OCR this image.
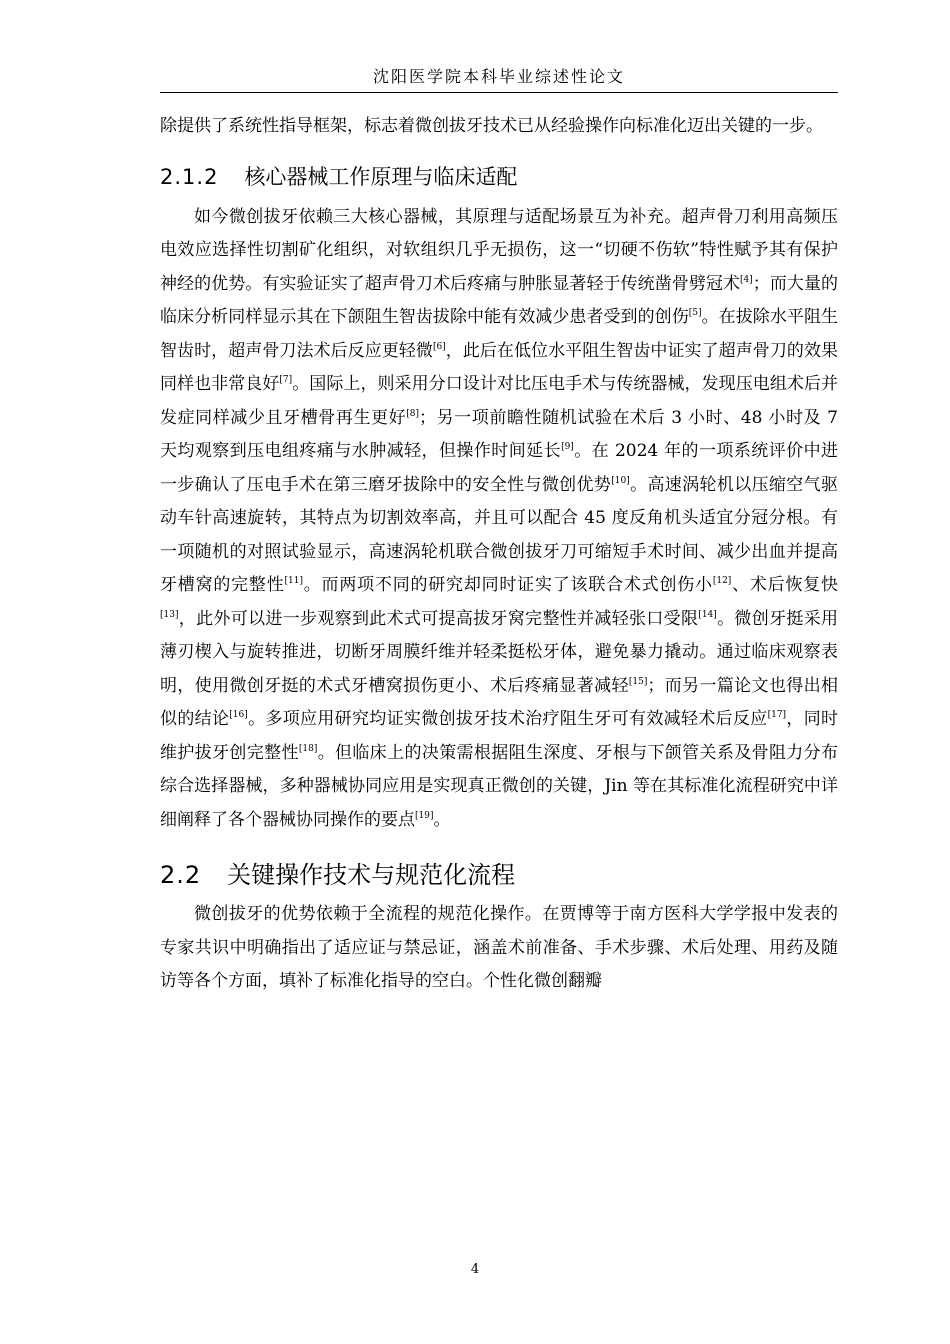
沈阳医学院本科毕业综述性论文

除提供了系统性指导框架，标志着微创拔牙技术已从经验操作向标准化迈出关键的一步。

2.1.2 核心器械工作原理与临床适配

如今微创拔牙依赖三大核心器械，其原理与适配场景互为补充。超声骨刀利用高频压电效应选择性切割矿化组织，对软组织几乎无损伤，这一“切硬不伤软”特性赋予其有保护神经的优势。有实验证实了超声骨刀术后疼痛与肿胀显著轻于传统凿骨劈冠术[4]；而大量的临床分析同样显示其在下颌阻生智齿拔除中能有效减少患者受到的创伤[5]。在拔除水平阻生智齿时，超声骨刀法术后反应更轻微[6]，此后在低位水平阻生智齿中证实了超声骨刀的效果同样也非常良好[7]。国际上，则采用分口设计对比压电手术与传统器械，发现压电组术后并发症同样减少且牙槽骨再生更好[8]；另一项前瞻性随机试验在术后 3 小时、48 小时及 7 天均观察到压电组疼痛与水肿减轻，但操作时间延长[9]。在 2024 年的一项系统评价中进一步确认了压电手术在第三磨牙拔除中的安全性与微创优势[10]。高速涡轮机以压缩空气驱动车针高速旋转，其特点为切割效率高，并且可以配合 45 度反角机头适宜分冠分根。有一项随机的对照试验显示，高速涡轮机联合微创拔牙刀可缩短手术时间、减少出血并提高牙槽窝的完整性[11]。而两项不同的研究却同时证实了该联合术式创伤小[12]、术后恢复快[13]，此外可以进一步观察到此术式可提高拔牙窝完整性并减轻张口受限[14]。微创牙挺采用薄刃楔入与旋转推进，切断牙周膜纤维并轻柔挺松牙体，避免暴力撬动。通过临床观察表明，使用微创牙挺的术式牙槽窝损伤更小、术后疼痛显著减轻[15]；而另一篇论文也得出相似的结论[16]。多项应用研究均证实微创拔牙技术治疗阻生牙可有效减轻术后反应[17]，同时维护拔牙创完整性[18]。但临床上的决策需根据阻生深度、牙根与下颌管关系及骨阻力分布综合选择器械，多种器械协同应用是实现真正微创的关键，Jin 等在其标准化流程研究中详细阐释了各个器械协同操作的要点[19]。

2.2 关键操作技术与规范化流程

微创拔牙的优势依赖于全流程的规范化操作。在贾博等于南方医科大学学报中发表的专家共识中明确指出了适应证与禁忌证，涵盖术前准备、手术步骤、术后处理、用药及随访等各个方面，填补了标准化指导的空白。个性化微创翻瓣

4
